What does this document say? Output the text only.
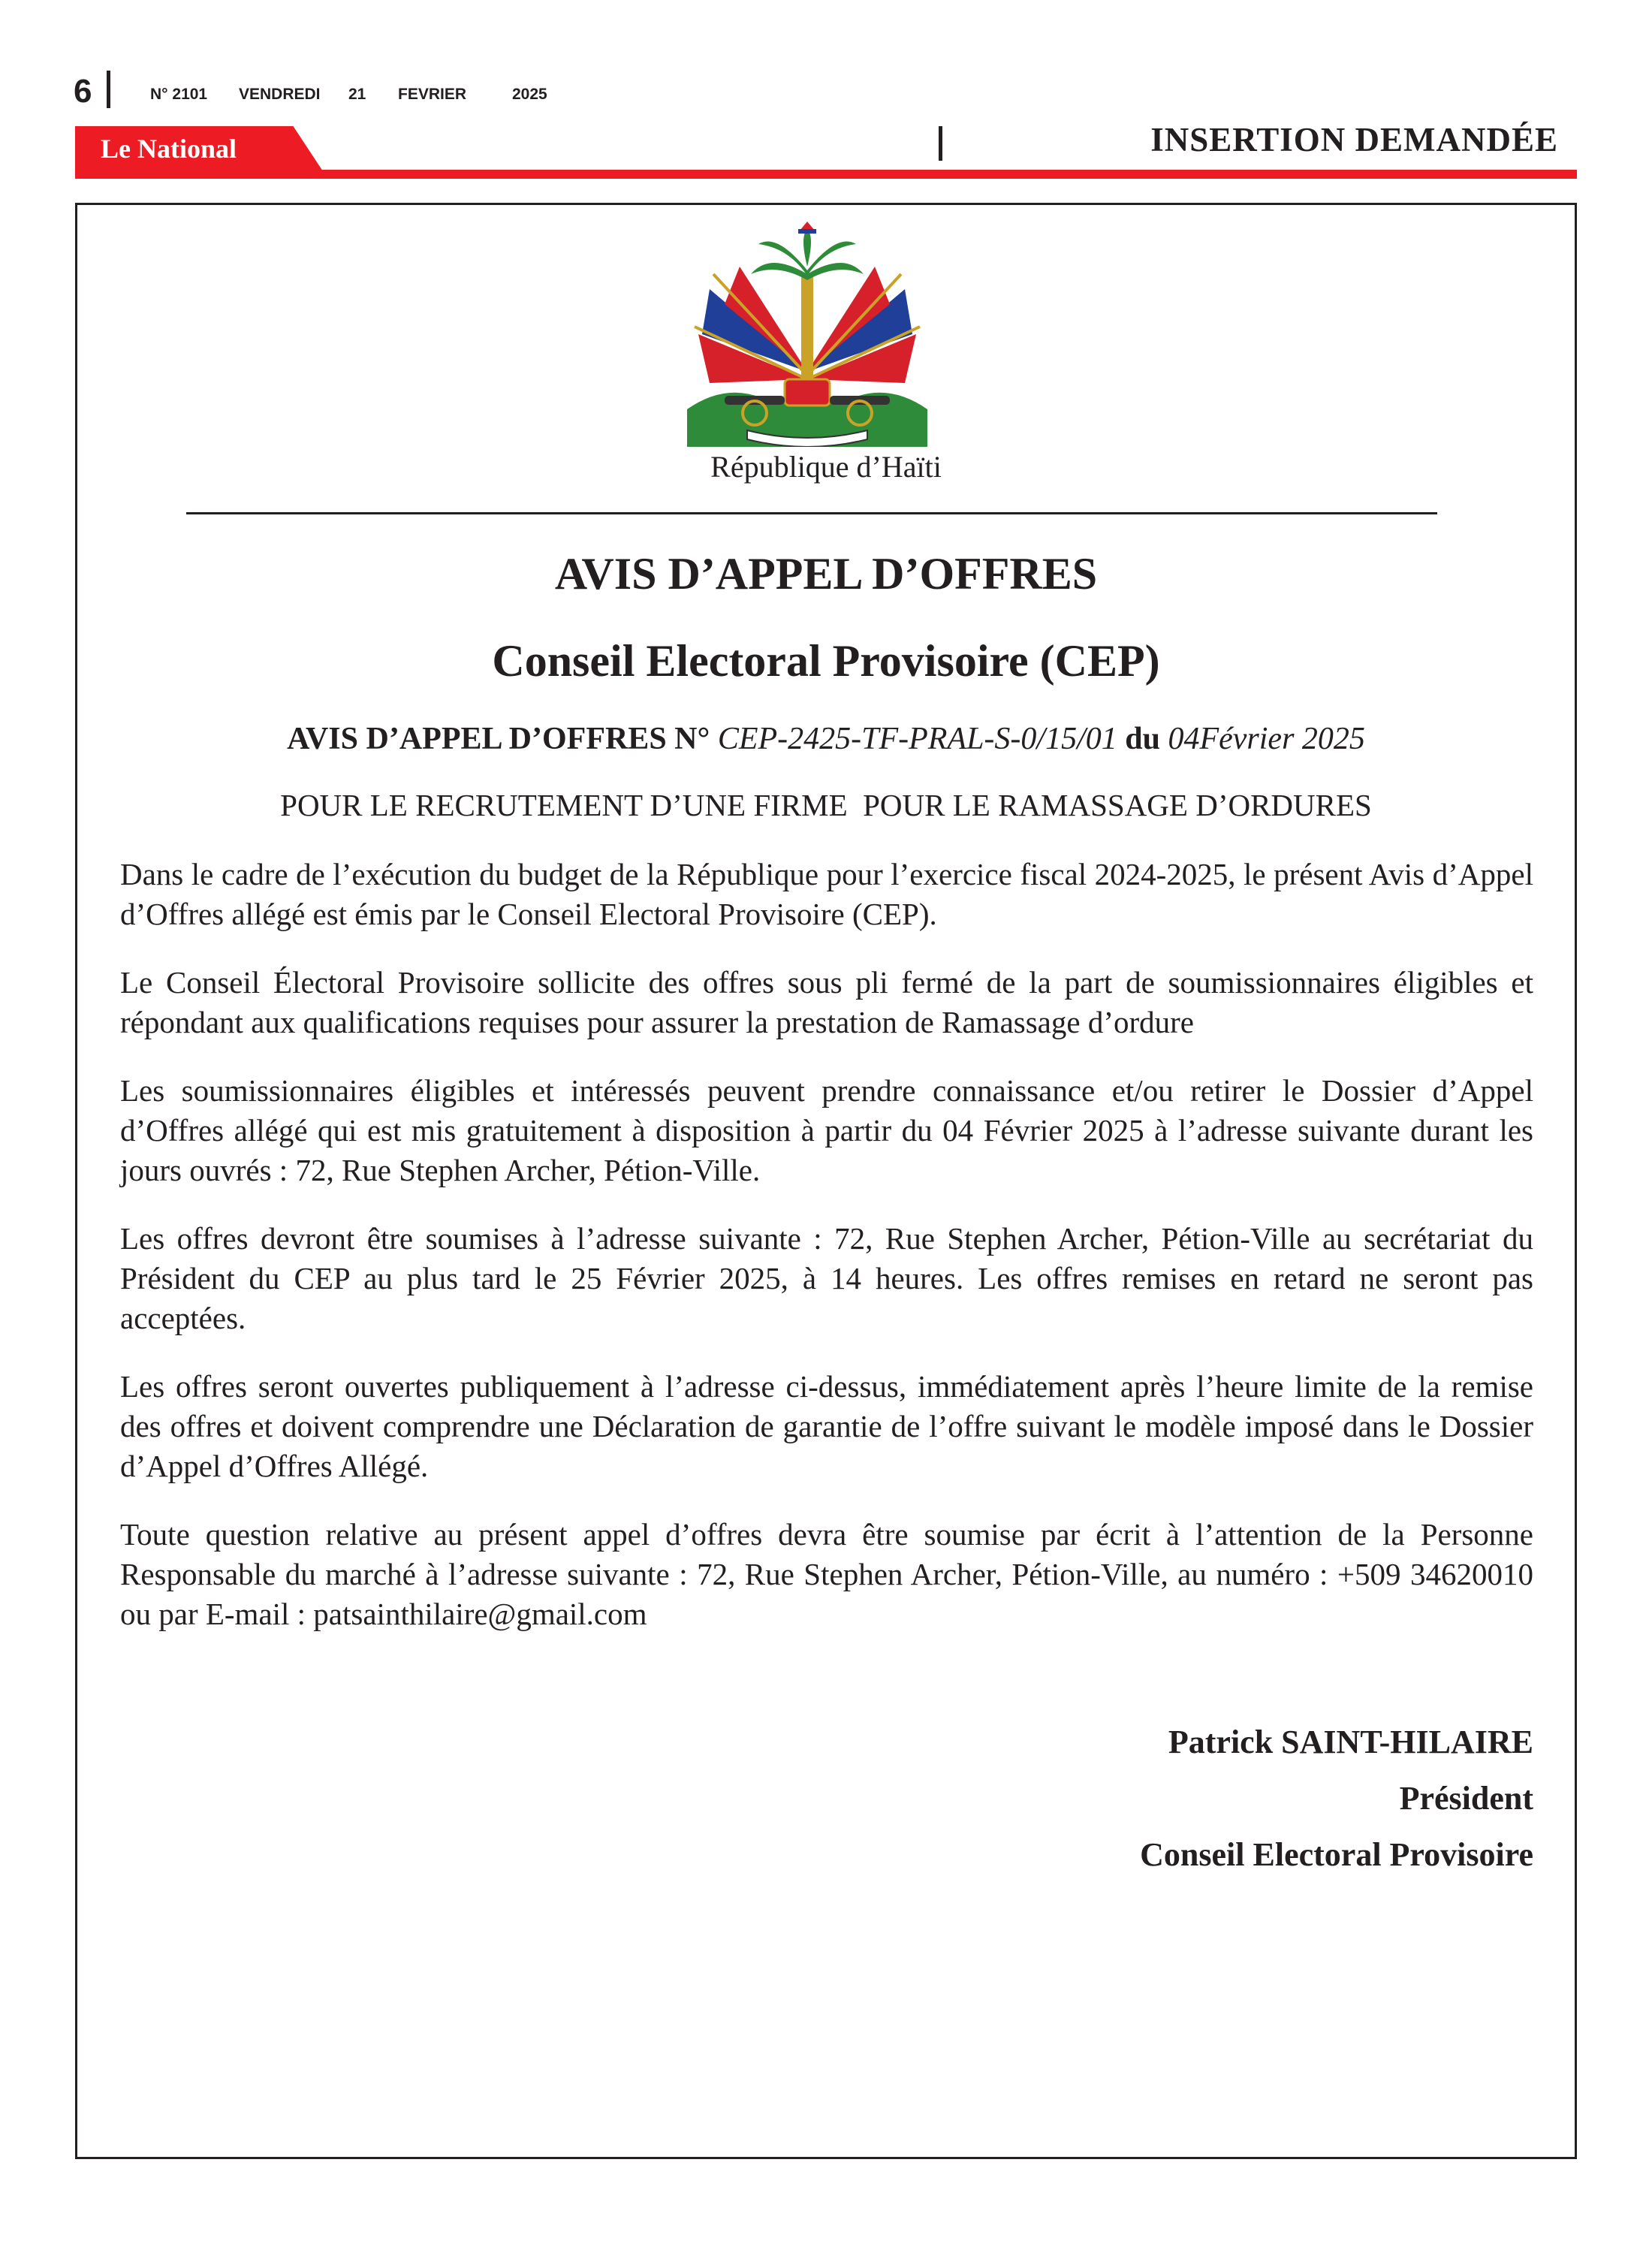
6	N° 2101	VENDREDI	21	FEVRIER	2025
Le National	INSERTION DEMANDÉE
République d’Haïti
AVIS D’APPEL D’OFFRES
Conseil Electoral Provisoire (CEP)
AVIS D’APPEL D’OFFRES N° CEP-2425-TF-PRAL-S-0/15/01 du 04Février 2025
POUR LE RECRUTEMENT D’UNE FIRME  POUR LE RAMASSAGE D’ORDURES

Dans le cadre de l’exécution du budget de la République pour l’exercice fiscal 2024-2025, le présent Avis d’Appel d’Offres allégé est émis par le Conseil Electoral Provisoire (CEP).

Le Conseil Électoral Provisoire sollicite des offres sous pli fermé de la part de soumissionnaires éligibles et répondant aux qualifications requises pour assurer la prestation de Ramassage d’ordure

Les soumissionnaires éligibles et intéressés peuvent prendre connaissance et/ou retirer le Dossier d’Appel d’Offres allégé qui est mis gratuitement à disposition à partir du 04 Février 2025 à l’adresse suivante durant les jours ouvrés : 72, Rue Stephen Archer, Pétion-Ville.

Les offres devront être soumises à l’adresse suivante : 72, Rue Stephen Archer, Pétion-Ville au secrétariat du Président du CEP au plus tard le 25 Février 2025, à 14 heures. Les offres remises en retard ne seront pas acceptées.

Les offres seront ouvertes publiquement à l’adresse ci-dessus, immédiatement après l’heure limite de la remise des offres et doivent comprendre une Déclaration de garantie de l’offre suivant le modèle imposé dans le Dossier d’Appel d’Offres Allégé.

Toute question relative au présent appel d’offres devra être soumise par écrit à l’attention de la Personne Responsable du marché à l’adresse suivante : 72, Rue Stephen Archer, Pétion-Ville, au numéro : +509 34620010 ou par E-mail : patsainthilaire@gmail.com

Patrick SAINT-HILAIRE
Président
Conseil Electoral Provisoire
